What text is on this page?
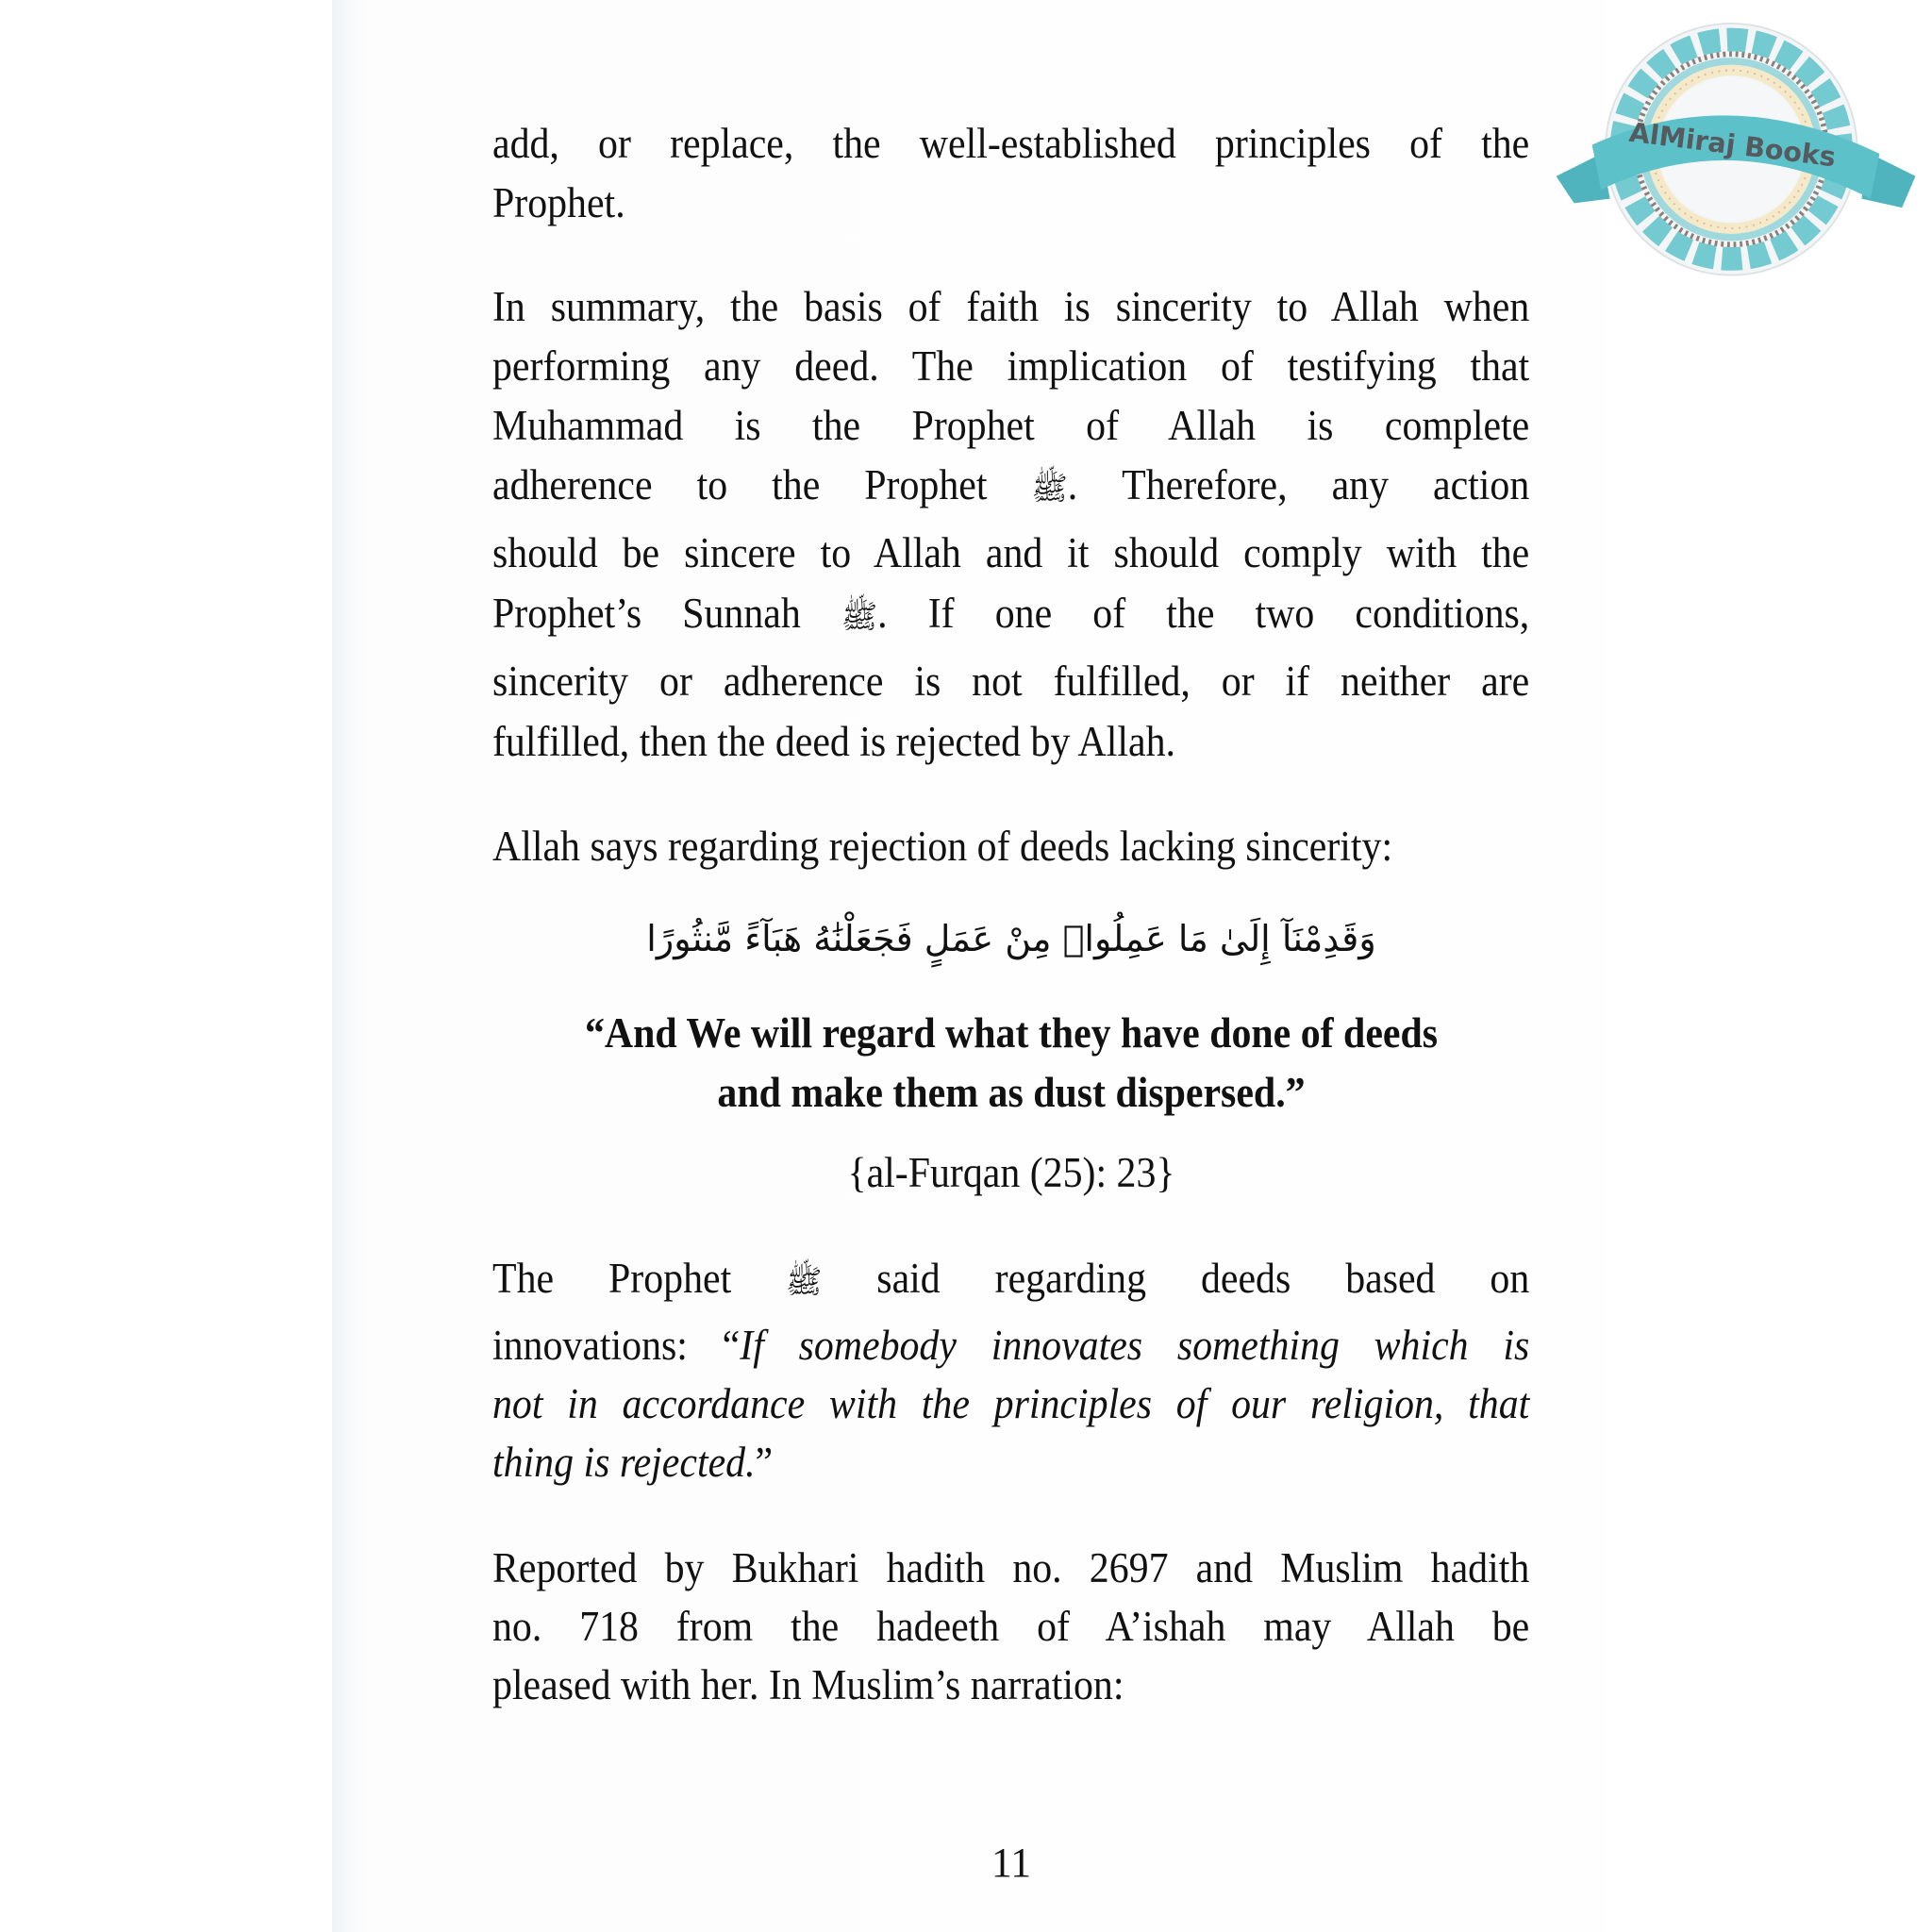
add, or replace, the well-established principles of the
Prophet.
In summary, the basis of faith is sincerity to Allah when
performing any deed. The implication of testifying that
Muhammad is the Prophet of Allah is complete
adherence to the Prophet ﷺ. Therefore, any action
should be sincere to Allah and it should comply with the
Prophet’s Sunnah ﷺ. If one of the two conditions,
sincerity or adherence is not fulfilled, or if neither are
fulfilled, then the deed is rejected by Allah.
Allah says regarding rejection of deeds lacking sincerity:
وَقَدِمْنَآ إِلَىٰ مَا عَمِلُوا۟ مِنْ عَمَلٍ فَجَعَلْنَٰهُ هَبَآءً مَّنثُورًا
“And We will regard what they have done of deeds
and make them as dust dispersed.”
{al-Furqan (25): 23}
The Prophet ﷺ said regarding deeds based on
innovations: “If somebody innovates something which is
not in accordance with the principles of our religion, that
thing is rejected.”
Reported by Bukhari hadith no. 2697 and Muslim hadith
no. 718 from the hadeeth of A’ishah may Allah be
pleased with her. In Muslim’s narration:
11
AlMiraj Books
